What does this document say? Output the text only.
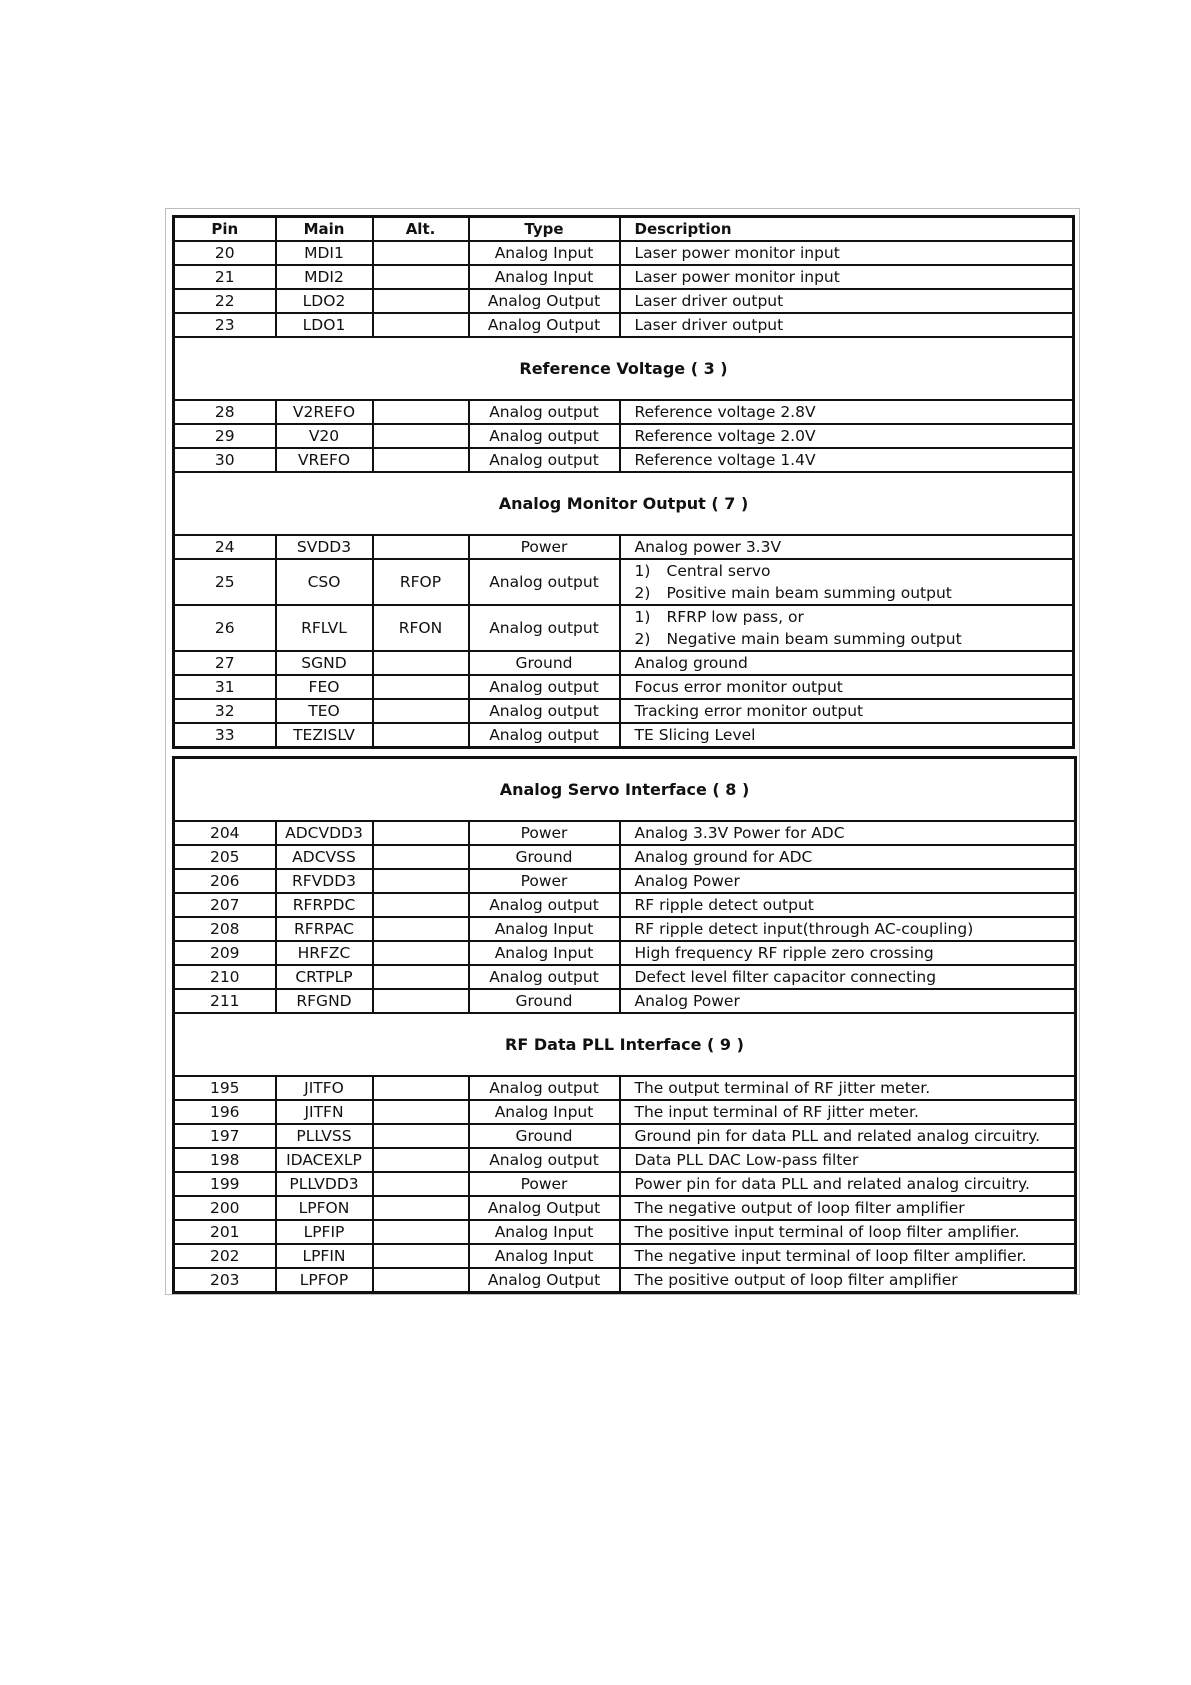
Pin	Main	Alt.	Type	Description
20	MDI1		Analog Input	Laser power monitor input
21	MDI2		Analog Input	Laser power monitor input
22	LDO2		Analog Output	Laser driver output
23	LDO1		Analog Output	Laser driver output
Reference Voltage ( 3 )				
28	V2REFO		Analog output	Reference voltage 2.8V
29	V20		Analog output	Reference voltage 2.0V
30	VREFO		Analog output	Reference voltage 1.4V
Analog Monitor Output ( 7 )				
24	SVDD3		Power	Analog power 3.3V
25	CSO	RFOP	Analog output	1) Central servo
2) Positive main beam summing output

26	RFLVL	RFON	Analog output	1) RFRP low pass, or
2) Negative main beam summing output

27	SGND		Ground	Analog ground
31	FEO		Analog output	Focus error monitor output
32	TEO		Analog output	Tracking error monitor output
33	TEZISLV		Analog output	TE Slicing Level
Analog Servo Interface ( 8 )				
204	ADCVDD3		Power	Analog 3.3V Power for ADC
205	ADCVSS		Ground	Analog ground for ADC
206	RFVDD3		Power	Analog Power
207	RFRPDC		Analog output	RF ripple detect output
208	RFRPAC		Analog Input	RF ripple detect input(through AC-coupling)
209	HRFZC		Analog Input	High frequency RF ripple zero crossing
210	CRTPLP		Analog output	Defect level filter capacitor connecting
211	RFGND		Ground	Analog Power
RF Data PLL Interface ( 9 )				
195	JITFO		Analog output	The output terminal of RF jitter meter.
196	JITFN		Analog Input	The input terminal of RF jitter meter.
197	PLLVSS		Ground	Ground pin for data PLL and related analog circuitry.
198	IDACEXLP		Analog output	Data PLL DAC Low-pass filter
199	PLLVDD3		Power	Power pin for data PLL and related analog circuitry.
200	LPFON		Analog Output	The negative output of loop filter amplifier
201	LPFIP		Analog Input	The positive input terminal of loop filter amplifier.
202	LPFIN		Analog Input	The negative input terminal of loop filter amplifier.
203	LPFOP		Analog Output	The positive output of loop filter amplifier
